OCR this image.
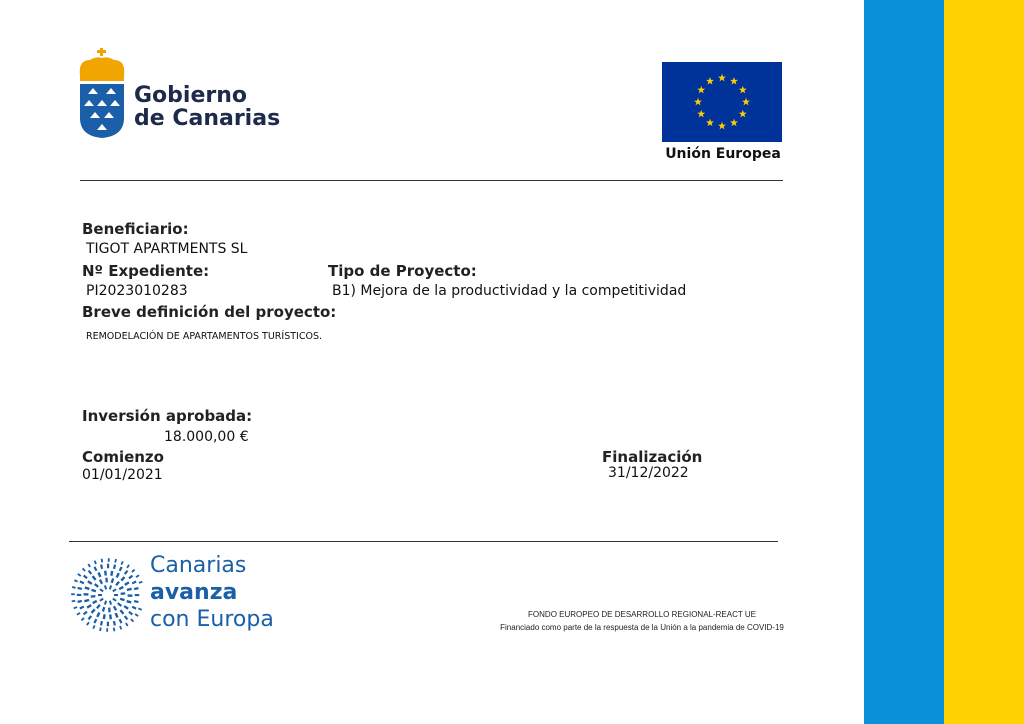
Gobierno
de Canarias
Unión Europea
Beneficiario:
TIGOT APARTMENTS SL
Nº Expediente:
PI2023010283
Tipo de Proyecto:
B1) Mejora de la productividad y la competitividad
Breve definición del proyecto:
REMODELACIÓN DE APARTAMENTOS TURÍSTICOS.
Inversión aprobada:
18.000,00 €
Comienzo
01/01/2021
Finalización
31/12/2022
Canarias
avanza
con Europa	FONDO EUROPEO DE DESARROLLO REGIONAL-REACT UE
Financiado como parte de la respuesta de la Unión a la pandemia de COVID-19
